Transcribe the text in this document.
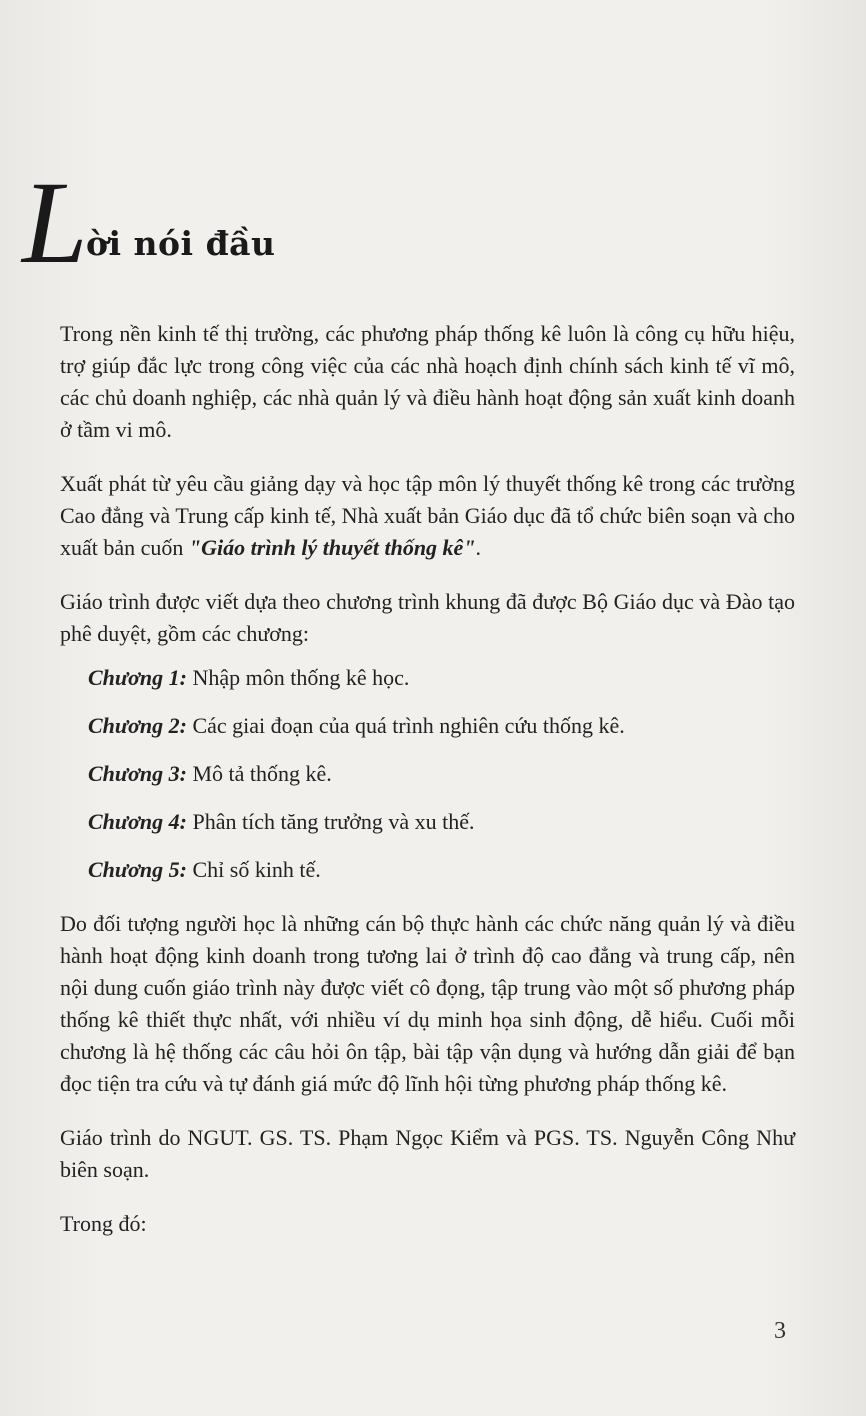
L
ời nói đầu

Trong nền kinh tế thị trường, các phương pháp thống kê luôn là công cụ hữu hiệu, trợ giúp đắc lực trong công việc của các nhà hoạch định chính sách kinh tế vĩ mô, các chủ doanh nghiệp, các nhà quản lý và điều hành hoạt động sản xuất kinh doanh ở tầm vi mô.

Xuất phát từ yêu cầu giảng dạy và học tập môn lý thuyết thống kê trong các trường Cao đẳng và Trung cấp kinh tế, Nhà xuất bản Giáo dục đã tổ chức biên soạn và cho xuất bản cuốn "Giáo trình lý thuyết thống kê".

Giáo trình được viết dựa theo chương trình khung đã được Bộ Giáo dục và Đào tạo phê duyệt, gồm các chương:

Chương 1: Nhập môn thống kê học.
Chương 2: Các giai đoạn của quá trình nghiên cứu thống kê.
Chương 3: Mô tả thống kê.
Chương 4: Phân tích tăng trưởng và xu thế.
Chương 5: Chỉ số kinh tế.

Do đối tượng người học là những cán bộ thực hành các chức năng quản lý và điều hành hoạt động kinh doanh trong tương lai ở trình độ cao đẳng và trung cấp, nên nội dung cuốn giáo trình này được viết cô đọng, tập trung vào một số phương pháp thống kê thiết thực nhất, với nhiều ví dụ minh họa sinh động, dễ hiểu. Cuối mỗi chương là hệ thống các câu hỏi ôn tập, bài tập vận dụng và hướng dẫn giải để bạn đọc tiện tra cứu và tự đánh giá mức độ lĩnh hội từng phương pháp thống kê.

Giáo trình do NGUT. GS. TS. Phạm Ngọc Kiểm và PGS. TS. Nguyễn Công Như biên soạn.

Trong đó:

3
